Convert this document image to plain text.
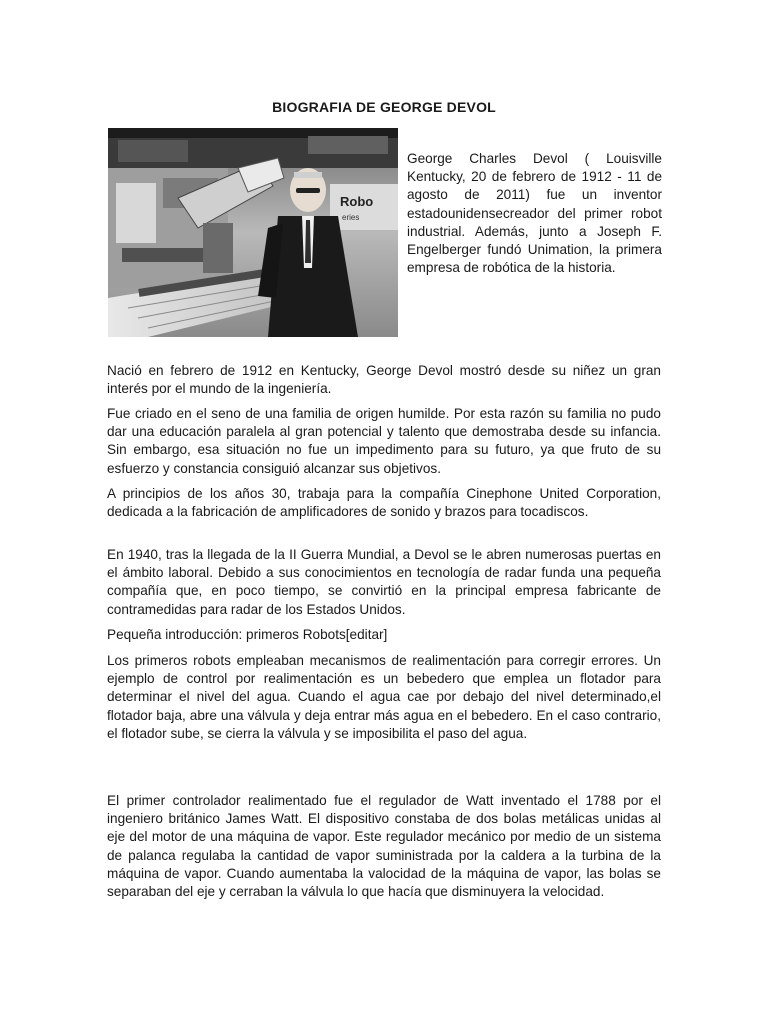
BIOGRAFIA DE GEORGE DEVOL
Robo
eries
George Charles Devol ( Louisville Kentucky, 20 de febrero de 1912 - 11 de agosto de 2011) fue un inventor estadounidensecreador del primer robot industrial. Además, junto a Joseph F. Engelberger fundó Unimation, la primera empresa de robótica de la historia.

Nació en febrero de 1912 en Kentucky, George Devol mostró desde su niñez un gran interés por el mundo de la ingeniería.

Fue criado en el seno de una familia de origen humilde. Por esta razón su familia no pudo dar una educación paralela al gran potencial y talento que demostraba desde su infancia. Sin embargo, esa situación no fue un impedimento para su futuro, ya que fruto de su esfuerzo y constancia consiguió alcanzar sus objetivos.

A principios de los años 30, trabaja para la compañía Cinephone United Corporation, dedicada a la fabricación de amplificadores de sonido y brazos para tocadiscos.

En 1940, tras la llegada de la II Guerra Mundial, a Devol se le abren numerosas puertas en el ámbito laboral. Debido a sus conocimientos en tecnología de radar funda una pequeña compañía que, en poco tiempo, se convirtió en la principal empresa fabricante de contramedidas para radar de los Estados Unidos.

Pequeña introducción: primeros Robots[editar]

Los primeros robots empleaban mecanismos de realimentación para corregir errores. Un ejemplo de control por realimentación es un bebedero que emplea un flotador para determinar el nivel del agua. Cuando el agua cae por debajo del nivel determinado,el flotador baja, abre una válvula y deja entrar más agua en el bebedero. En el caso contrario, el flotador sube, se cierra la válvula y se imposibilita el paso del agua.

El primer controlador realimentado fue el regulador de Watt inventado el 1788 por el ingeniero británico James Watt. El dispositivo constaba de dos bolas metálicas unidas al eje del motor de una máquina de vapor. Este regulador mecánico por medio de un sistema de palanca regulaba la cantidad de vapor suministrada por la caldera a la turbina de la máquina de vapor. Cuando aumentaba la valocidad de la máquina de vapor, las bolas se separaban del eje y cerraban la válvula lo que hacía que disminuyera la velocidad.
